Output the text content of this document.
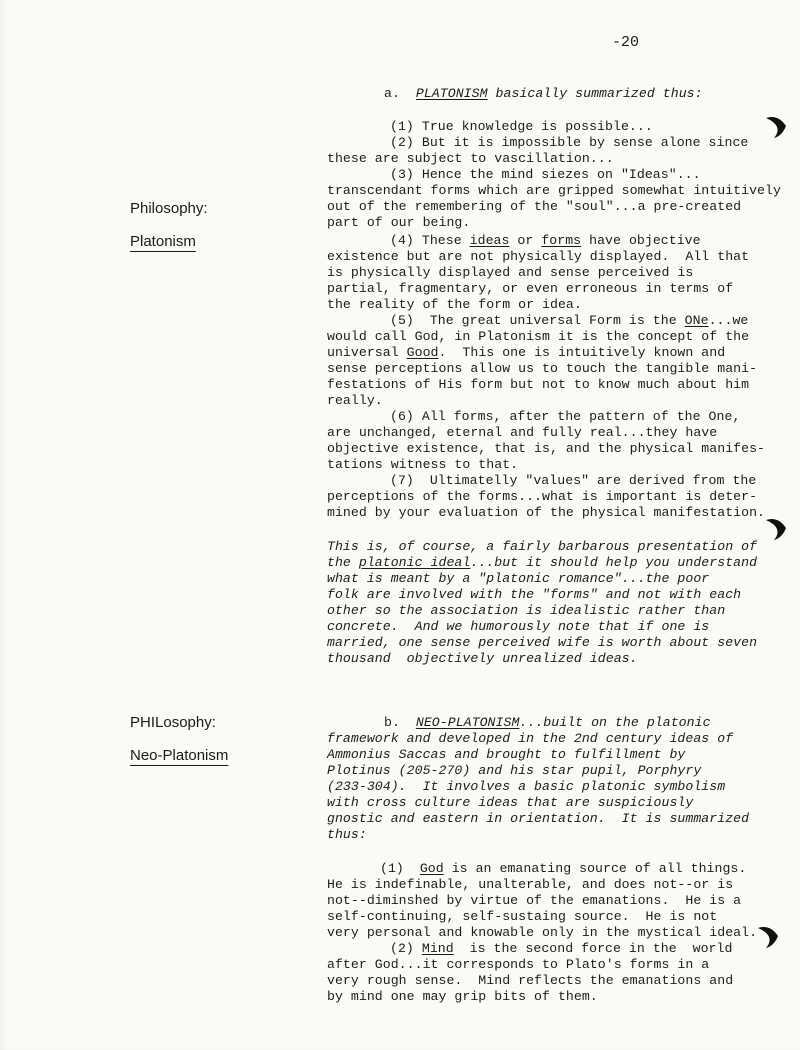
-20
Philosophy:
Platonism
PHILosophy:
Neo-Platonism
a. PLATONISM basically summarized thus:
(1) True knowledge is possible...
(2) But it is impossible by sense alone since
these are subject to vascillation...
(3) Hence the mind siezes on "Ideas"...
transcendant forms which are gripped somewhat intuitively
out of the remembering of the "soul"...a pre-created
part of our being.
(4) These ideas or forms have objective
existence but are not physically displayed.  All that
is physically displayed and sense perceived is
partial, fragmentary, or even erroneous in terms of
the reality of the form or idea.
(5)  The great universal Form is the ONe...we
would call God, in Platonism it is the concept of the
universal Good.  This one is intuitively known and
sense perceptions allow us to touch the tangible mani-
festations of His form but not to know much about him
really.
(6) All forms, after the pattern of the One,
are unchanged, eternal and fully real...they have
objective existence, that is, and the physical manifes-
tations witness to that.
(7)  Ultimatelly "values" are derived from the
perceptions of the forms...what is important is deter-
mined by your evaluation of the physical manifestation.
This is, of course, a fairly barbarous presentation of
the platonic ideal...but it should help you understand
what is meant by a "platonic romance"...the poor
folk are involved with the "forms" and not with each
other so the association is idealistic rather than
concrete.  And we humorously note that if one is
married, one sense perceived wife is worth about seven
thousand  objectively unrealized ideas.
b. NEO-PLATONISM...built on the platonic
framework and developed in the 2nd century ideas of
Ammonius Saccas and brought to fulfillment by
Plotinus (205-270) and his star pupil, Porphyry
(233-304).  It involves a basic platonic symbolism
with cross culture ideas that are suspiciously
gnostic and eastern in orientation.  It is summarized
thus:
(1)  God is an emanating source of all things.
He is indefinable, unalterable, and does not--or is
not--diminshed by virtue of the emanations.  He is a
self-continuing, self-sustaing source.  He is not
very personal and knowable only in the mystical ideal.
(2) Mind  is the second force in the  world
after God...it corresponds to Plato's forms in a
very rough sense.  Mind reflects the emanations and
by mind one may grip bits of them.
